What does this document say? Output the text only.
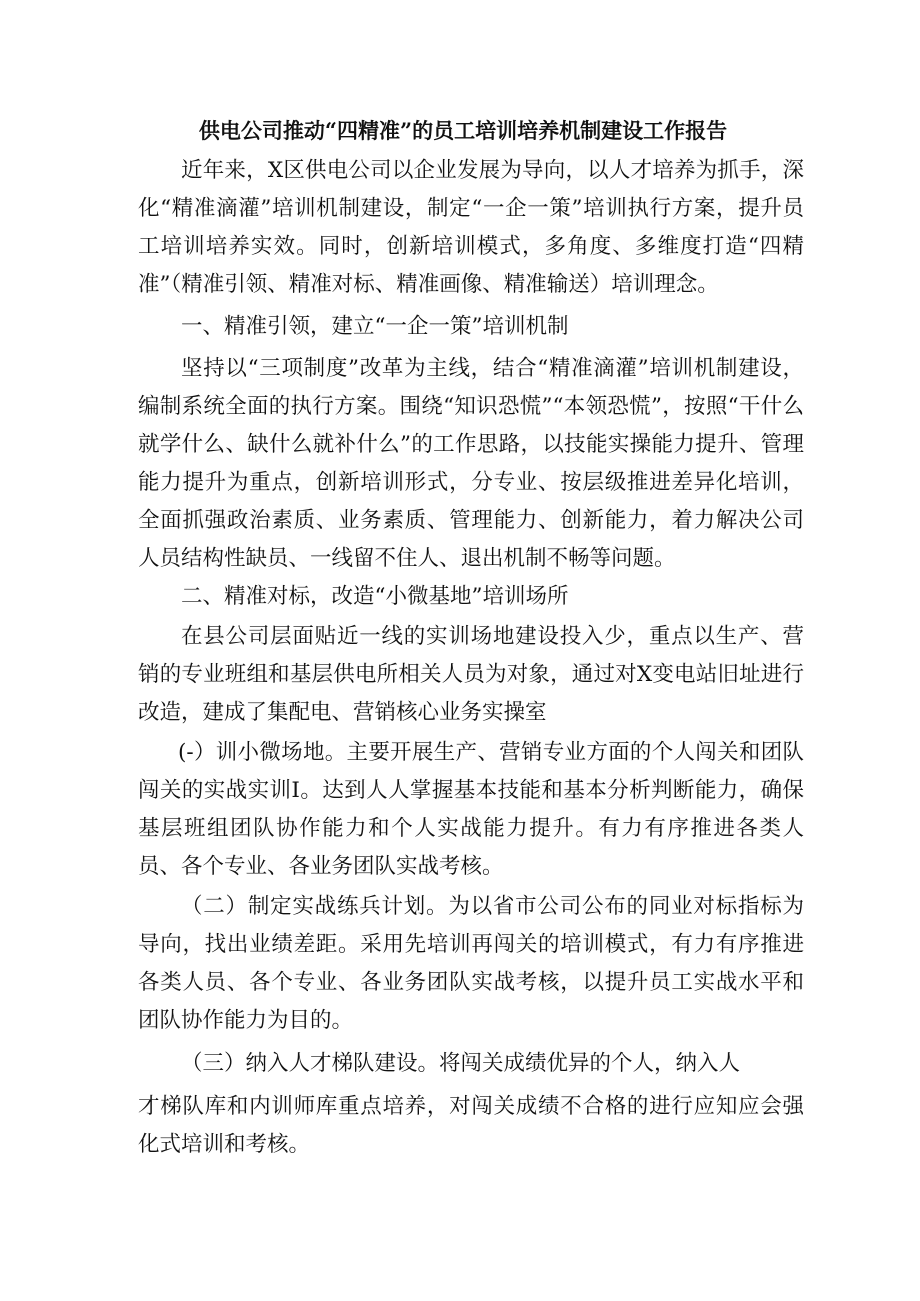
供电公司推动“四精准”的员工培训培养机制建设工作报告

近年来，X区供电公司以企业发展为导向，以人才培养为抓手，深化“精准滴灌”培训机制建设，制定“一企一策”培训执行方案，提升员工培训培养实效。同时，创新培训模式，多角度、多维度打造“四精准”（精准引领、精准对标、精准画像、精准输送）培训理念。

一、精准引领，建立“一企一策”培训机制

坚持以“三项制度”改革为主线，结合“精准滴灌”培训机制建设，编制系统全面的执行方案。围绕“知识恐慌”“本领恐慌”，按照“干什么就学什么、缺什么就补什么”的工作思路，以技能实操能力提升、管理能力提升为重点，创新培训形式，分专业、按层级推进差异化培训，全面抓强政治素质、业务素质、管理能力、创新能力，着力解决公司人员结构性缺员、一线留不住人、退出机制不畅等问题。

二、精准对标，改造“小微基地”培训场所

在县公司层面贴近一线的实训场地建设投入少，重点以生产、营销的专业班组和基层供电所相关人员为对象，通过对X变电站旧址进行改造，建成了集配电、营销核心业务实操室

(-）训小微场地。主要开展生产、营销专业方面的个人闯关和团队闯关的实战实训I。达到人人掌握基本技能和基本分析判断能力，确保基层班组团队协作能力和个人实战能力提升。有力有序推进各类人员、各个专业、各业务团队实战考核。

（二）制定实战练兵计划。为以省市公司公布的同业对标指标为导向，找出业绩差距。采用先培训再闯关的培训模式，有力有序推进各类人员、各个专业、各业务团队实战考核，以提升员工实战水平和团队协作能力为目的。

（三）纳入人才梯队建设。将闯关成绩优异的个人，纳入人

才梯队库和内训师库重点培养，对闯关成绩不合格的进行应知应会强化式培训和考核。
